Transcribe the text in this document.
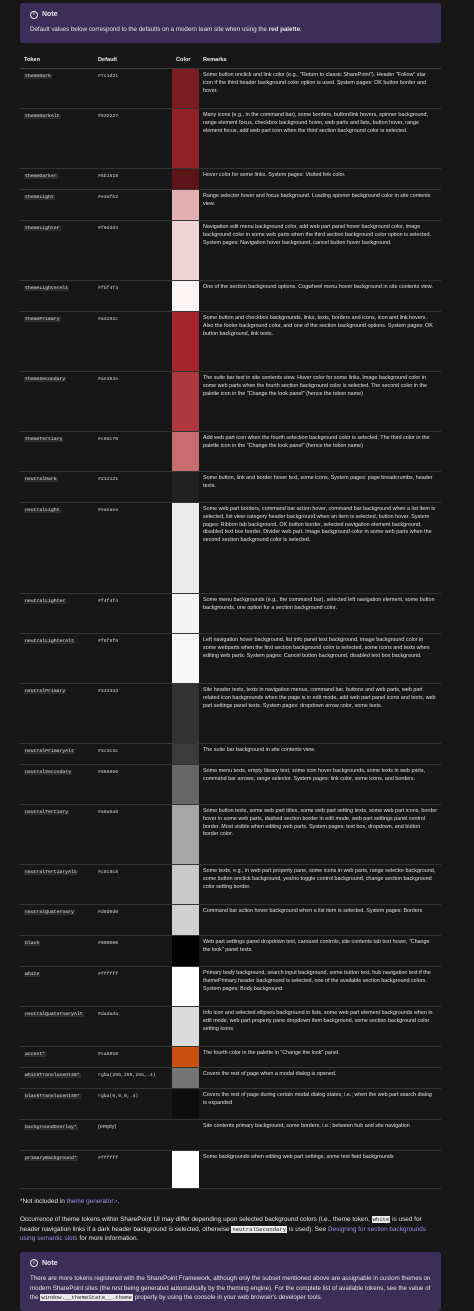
i	Note
Default values below correspond to the defaults on a modern team site when using the red palette.
Token	Default	Color	Remarks
themeDark	#7c1d21		Some button onclick and link color (e.g., "Return to classic SharePoint"). Header "Follow" star icon if the third header background color option is used. System pages: OK button border and hover.
themeDarkAlt	#932227		Many icons (e.g., in the command bar), some borders, button/link hovers, spinner background, range element focus, checkbox background hover, web parts and lists, button hover, range element focus, add web part icon when the third section background color is selected.
themeDarker	#5b1519		Hover color for some links. System pages: Visited link color.
themeLight	#e3afb2		Range selector hover and focus background. Loading spinner background color in site contents view.
themeLighter	#f0d3d4		Navigation edit menu background color, add web part panel hover background color, image background color in some web parts when the third section background color option is selected. System pages: Navigation hover background, cancel button hover background.
themeLighterAlt	#fbf4f4		One of the section background options. Cogwheel menu hover background in site contents view.
themePrimary	#a4262c		Some button and checkbox backgrounds, links, texts, borders and icons, icon and link hovers. Also the footer background color, and one of the section background options. System pages: OK button background, link texts.
themeSecondary	#ae383e		The suite bar text in site contents view. Hover color for some links. Image background color in some web parts when the fourth section background color is selected. The second color in the palette icon in the "Change the look panel" (hence the token name)
themeTertiary	#c86c70		Add web part icon when the fourth selection background color is selected. The third color in the palette icon in the "Change the look panel" (hence the token name)
neutralDark	#212121		Some button, link and border hover text, some icons. System pages: page breadcrumbs, header texts.
neutralLight	#eaeaea		Some web part borders, command bar action hover, command bar background when a list item is selected, list view category header background when an item is selected, button hover. System pages: Ribbon tab background, OK button border, selected navigation element background, disabled text box border. Divider web part. Image background color in some web parts when the second section background color is selected.
neutralLighter	#f4f4f4		Some menu backgrounds (e.g., the command bar), selected left navigation element, some button backgrounds, one option for a section background color.
neutralLighterAlt	#f8f8f8		Left navigation hover background, list info panel text background, image background color in some webparts when the first section background color is selected, some icons and texts when editing web parts. System pages: Cancel button background, disabled text box background.
neutralPrimary	#333333		Site header texts, texts in navigation menus, command bar, buttons and web parts, web part related icon backgrounds when the page is in edit mode, add web part panel icons and texts, web part settings panel texts. System pages: dropdown arrow color, some texts.
neutralPrimaryAlt	#3c3c3c		The suite bar background in site contents view.
neutralSecondary	#666666		Some menu texts, empty library text, some icon hover backgrounds, some texts in web parts, command bar arrows, range selector. System pages: link color, some icons, and borders.
neutralTertiary	#a6a6a6		Some button texts, some web part titles, some web part setting texts, some web part icons, border hover in some web parts, dashed section border in edit mode, web part settings panel control border. Most visible when editing web parts. System pages: text box, dropdown, and button border color.
neutralTertiaryAlt	#c8c8c8		Some texts, e.g., in web part property pane, some icons in web parts, range selector background, some button onclick background, yes/no toggle control background, change section background color setting border.
neutralQuaternary	#d0d0d0		Command bar action hover background when a list item is selected. System pages: Borders
black	#000000		Web part settings panel dropdown text, carousel controls, site contents tab text hover, "Change the look" panel texts.
white	#ffffff		Primary body background, search input background, some button text, hub navigation text if the themePrimary header background is selected, one of the available section background colors. System pages: Body background
neutralQuaternaryAlt	#dadada		Info icon and selected ellipses background in lists, some web part element backgrounds when in edit mode, web part property pane dropdown item background, some section background color setting icons.
accent*	#ca5010		The fourth color in the palette in "Change the look" panel.
whiteTranslucent40*	rgba(255,255,255,.4)		Covers the rest of page when a modal dialog is opened.
blackTranslucent40*	rgba(0,0,0,.4)		Covers the rest of page during certain modal dialog states, i.e.; when the web part search dialog is expanded
backgroundOverlay*	(empty)		Site contents primary background, some borders, i.e.; between hub and site navigation
primaryBackground*	#ffffff		Some backgrounds when editing web part settings, some text field backgrounds

*Not included in theme generator↗.

Occurrence of theme tokens within SharePoint UI may differ depending upon selected background colors (i.e., theme token, white is used for header navigation links if a dark header background is selected, otherwise neutralSecondary is used). See Designing for section backgrounds using semantic slots for more information.

i	Note
There are more tokens registered with the SharePoint Framework, although only the subset mentioned above are assignable in custom themes on modern SharePoint sites (the rest being generated automatically by the theming engine). For the complete list of available tokens, see the value of the window.__themeState__.theme property by using the console in your web browser's developer tools.
